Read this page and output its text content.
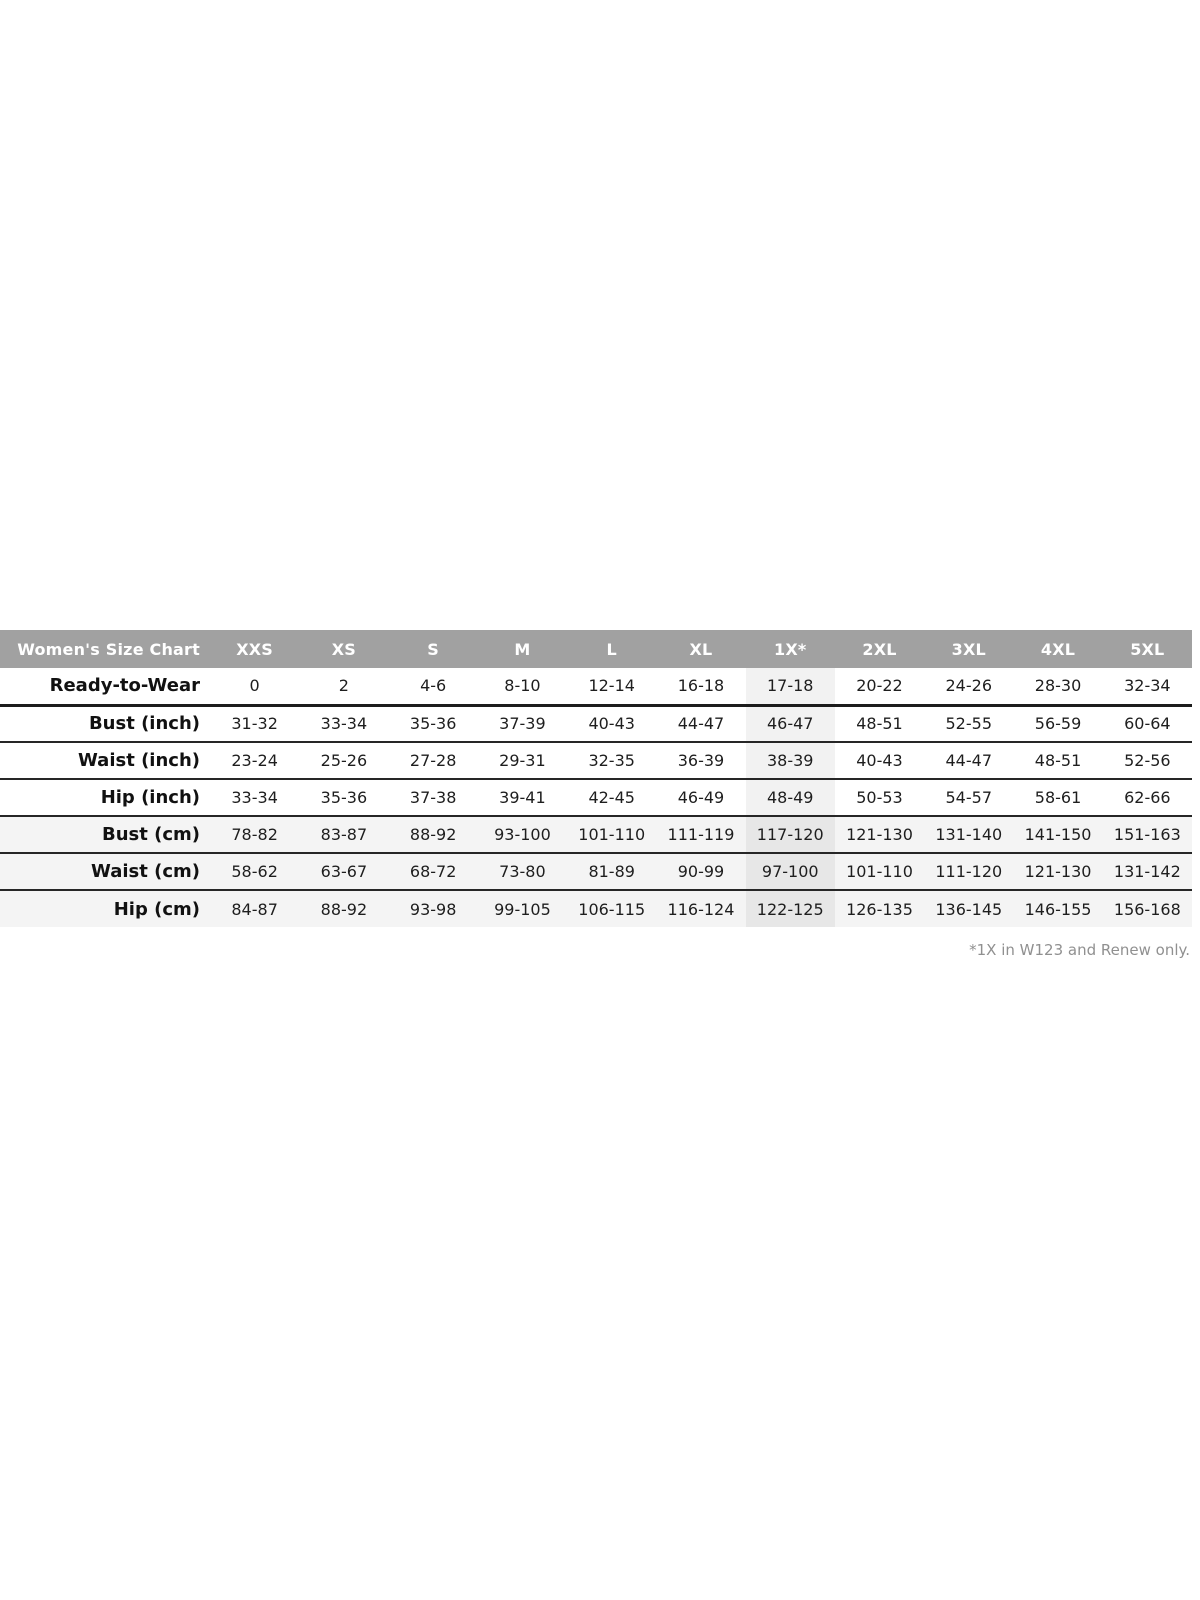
Women's Size Chart	XXS	XS	S	M	L	XL	1X*	2XL	3XL	4XL	5XL
Ready-to-Wear	0	2	4-6	8-10	12-14	16-18	17-18	20-22	24-26	28-30	32-34
Bust (inch)	31-32	33-34	35-36	37-39	40-43	44-47	46-47	48-51	52-55	56-59	60-64
Waist (inch)	23-24	25-26	27-28	29-31	32-35	36-39	38-39	40-43	44-47	48-51	52-56
Hip (inch)	33-34	35-36	37-38	39-41	42-45	46-49	48-49	50-53	54-57	58-61	62-66
Bust (cm)	78-82	83-87	88-92	93-100	101-110	111-119	117-120	121-130	131-140	141-150	151-163
Waist (cm)	58-62	63-67	68-72	73-80	81-89	90-99	97-100	101-110	111-120	121-130	131-142
Hip (cm)	84-87	88-92	93-98	99-105	106-115	116-124	122-125	126-135	136-145	146-155	156-168
*1X in W123 and Renew only.
